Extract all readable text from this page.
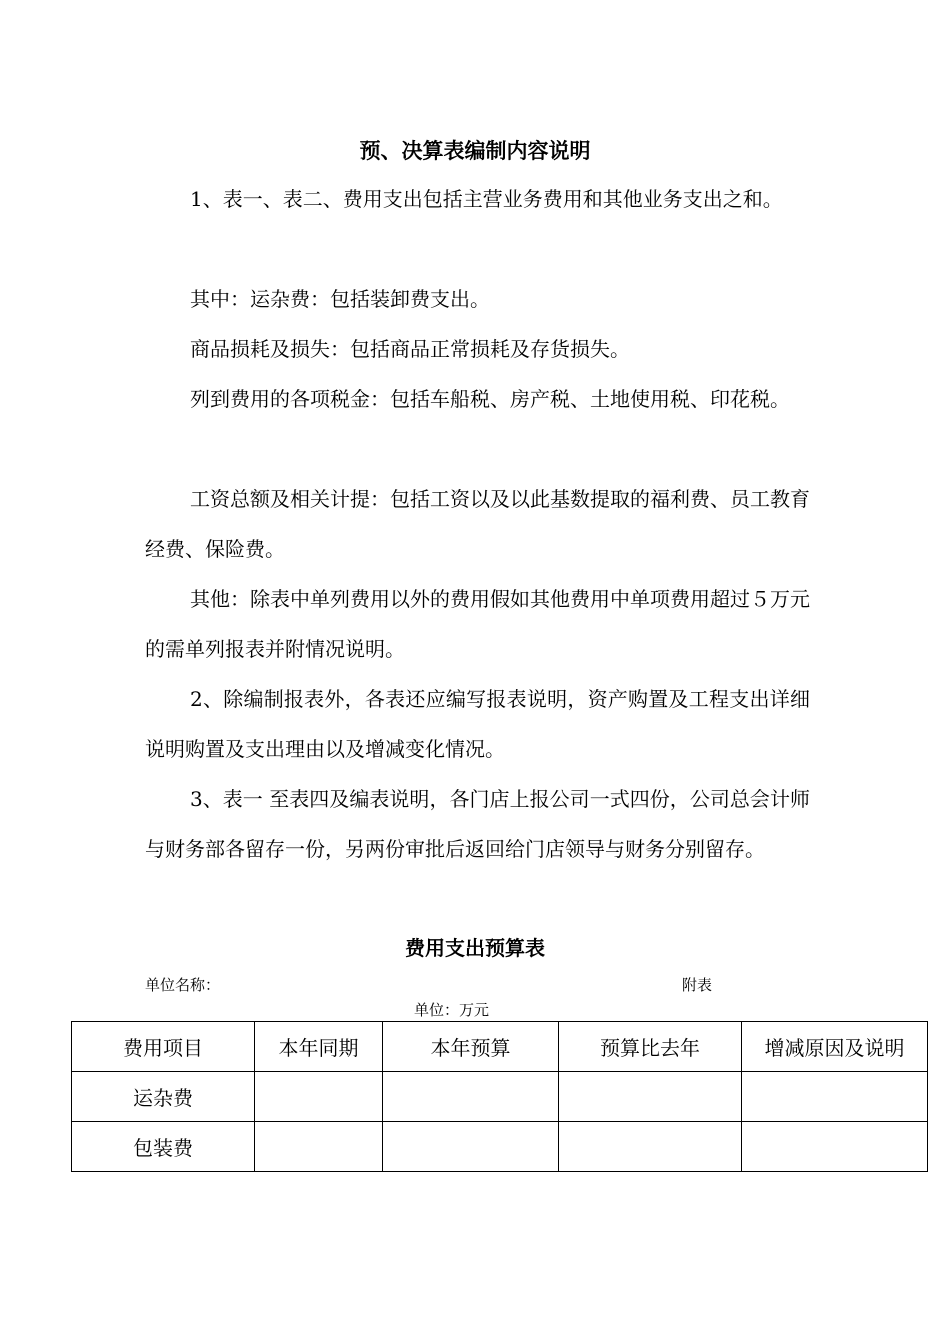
预、决算表编制内容说明
1、表一、表二、费用支出包括主营业务费用和其他业务支出之和。
其中：运杂费：包括装卸费支出。
商品损耗及损失：包括商品正常损耗及存货损失。
列到费用的各项税金：包括车船税、房产税、土地使用税、印花税。
工资总额及相关计提：包括工资以及以此基数提取的福利费、员工教育经费、保险费。
其他：除表中单列费用以外的费用假如其他费用中单项费用超过５万元的需单列报表并附情况说明。
2、除编制报表外，各表还应编写报表说明，资产购置及工程支出详细说明购置及支出理由以及增减变化情况。
3、表一 至表四及编表说明，各门店上报公司一式四份，公司总会计师与财务部各留存一份，另两份审批后返回给门店领导与财务分别留存。
费用支出预算表
单位名称：	附表
单位：万元
费用项目	本年同期	本年预算	预算比去年	增减原因及说明
运杂费				
包装费				
